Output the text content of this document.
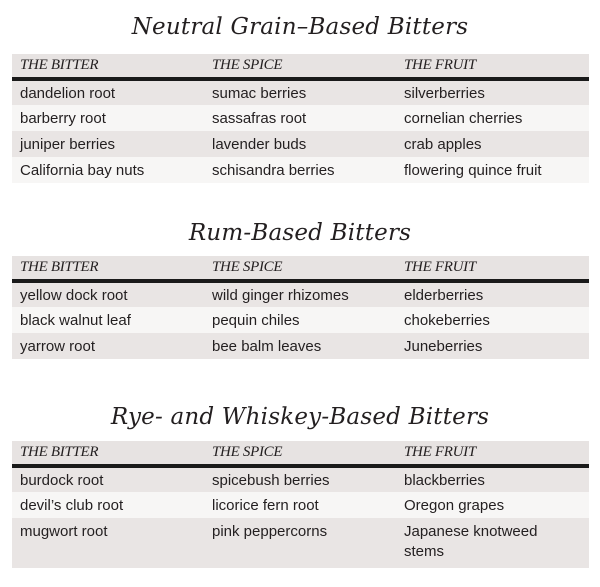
Neutral Grain–Based Bitters
THE BITTER	THE SPICE	THE FRUIT
dandelion root	sumac berries	silverberries
barberry root	sassafras root	cornelian cherries
juniper berries	lavender buds	crab apples
California bay nuts	schisandra berries	flowering quince fruit
Rum-Based Bitters
THE BITTER	THE SPICE	THE FRUIT
yellow dock root	wild ginger rhizomes	elderberries
black walnut leaf	pequin chiles	chokeberries
yarrow root	bee balm leaves	Juneberries
Rye- and Whiskey-Based Bitters
THE BITTER	THE SPICE	THE FRUIT
burdock root	spicebush berries	blackberries
devil’s club root	licorice fern root	Oregon grapes
mugwort root	pink peppercorns	Japanese knotweed stems
